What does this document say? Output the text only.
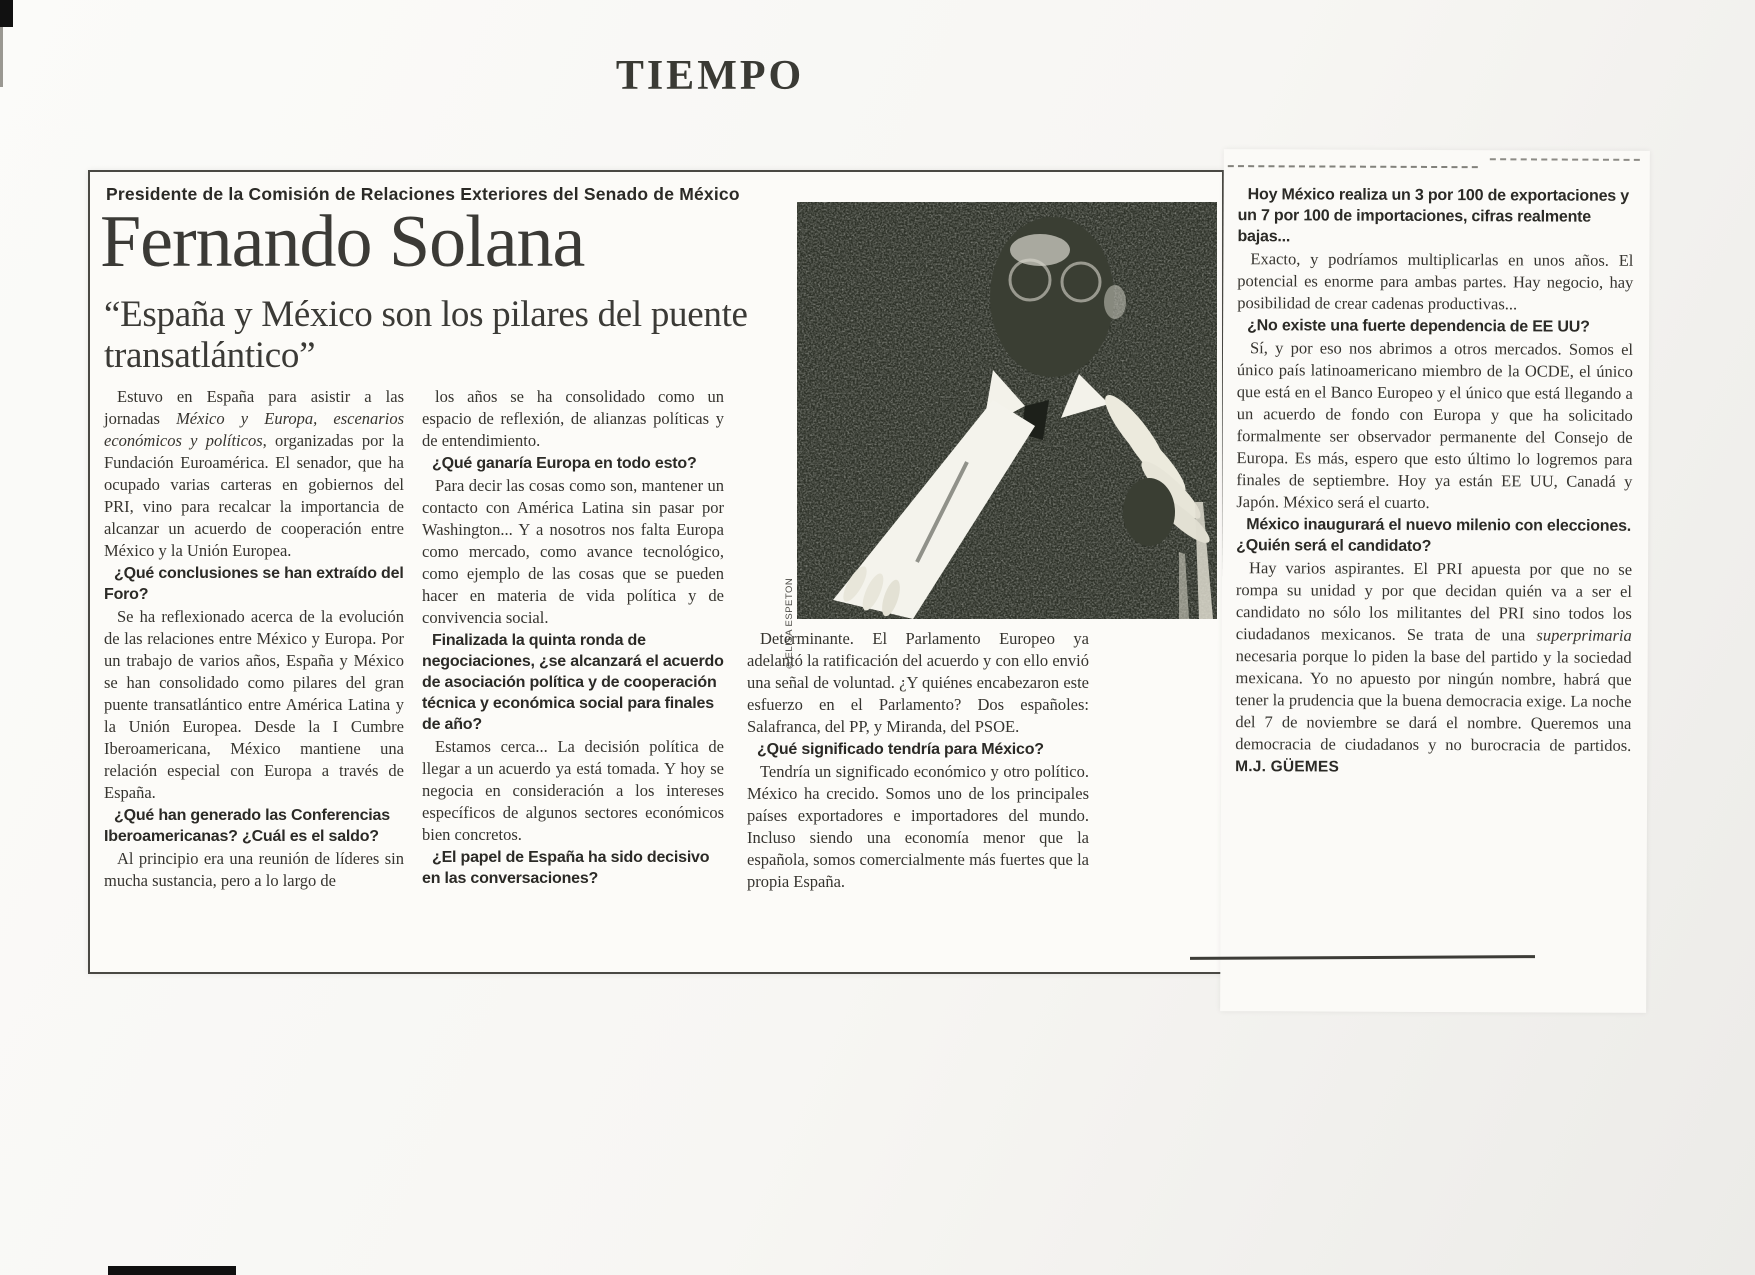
TIEMPO
Presidente de la Comisión de Relaciones Exteriores del Senado de México
Fernando Solana
“España y México son los pilares del puente transatlántico”

Estuvo en España para asistir a las jornadas México y Europa, escenarios económicos y políticos, organizadas por la Fundación Euroamérica. El senador, que ha ocupado varias carteras en gobiernos del PRI, vino para recalcar la importancia de alcanzar un acuerdo de cooperación entre México y la Unión Europea.

¿Qué conclusiones se han extraído del Foro?

Se ha reflexionado acerca de la evolución de las relaciones entre México y Europa. Por un trabajo de varios años, España y México se han consolidado como pilares del gran puente transatlántico entre América Latina y la Unión Europea. Desde la I Cumbre Iberoamericana, México mantiene una relación especial con Europa a través de España.

¿Qué han generado las Conferencias Iberoamericanas? ¿Cuál es el saldo?

Al principio era una reunión de líderes sin mucha sustancia, pero a lo largo de

los años se ha consolidado como un espacio de reflexión, de alianzas políticas y de entendimiento.

¿Qué ganaría Europa en todo esto?

Para decir las cosas como son, mantener un contacto con América Latina sin pasar por Washington... Y a nosotros nos falta Europa como mercado, como avance tecnológico, como ejemplo de las cosas que se pueden hacer en materia de vida política y de convivencia social.

Finalizada la quinta ronda de negociaciones, ¿se alcanzará el acuerdo de asociación política y de cooperación técnica y económica social para finales de año?

Estamos cerca... La decisión política de llegar a un acuerdo ya está tomada. Y hoy se negocia en consideración a los intereses específicos de algunos sectores económicos bien concretos.

¿El papel de España ha sido decisivo en las conversaciones?

©ELISA ESPETON

Determinante. El Parlamento Europeo ya adelantó la ratificación del acuerdo y con ello envió una señal de voluntad. ¿Y quiénes encabezaron este esfuerzo en el Parlamento? Dos españoles: Salafranca, del PP, y Miranda, del PSOE.

¿Qué significado tendría para México?

Tendría un significado económico y otro político. México ha crecido. Somos uno de los principales países exportadores e importadores del mundo. Incluso siendo una economía menor que la española, somos comercialmente más fuertes que la propia España.

Hoy México realiza un 3 por 100 de exportaciones y un 7 por 100 de importaciones, cifras realmente bajas...

Exacto, y podríamos multiplicarlas en unos años. El potencial es enorme para ambas partes. Hay negocio, hay posibilidad de crear cadenas productivas...

¿No existe una fuerte dependencia de EE UU?

Sí, y por eso nos abrimos a otros mercados. Somos el único país latinoamericano miembro de la OCDE, el único que está en el Banco Europeo y el único que está llegando a un acuerdo de fondo con Europa y que ha solicitado formalmente ser observador permanente del Consejo de Europa. Es más, espero que esto último lo logremos para finales de septiembre. Hoy ya están EE UU, Canadá y Japón. México será el cuarto.

México inaugurará el nuevo milenio con elecciones. ¿Quién será el candidato?

Hay varios aspirantes. El PRI apuesta por que no se rompa su unidad y por que decidan quién va a ser el candidato no sólo los militantes del PRI sino todos los ciudadanos mexicanos. Se trata de una superprimaria necesaria porque lo piden la base del partido y la sociedad mexicana. Yo no apuesto por ningún nombre, habrá que tener la prudencia que la buena democracia exige. La noche del 7 de noviembre se dará el nombre. Queremos una democracia de ciudadanos y no burocracia de partidos. M.J. GÜEMES
